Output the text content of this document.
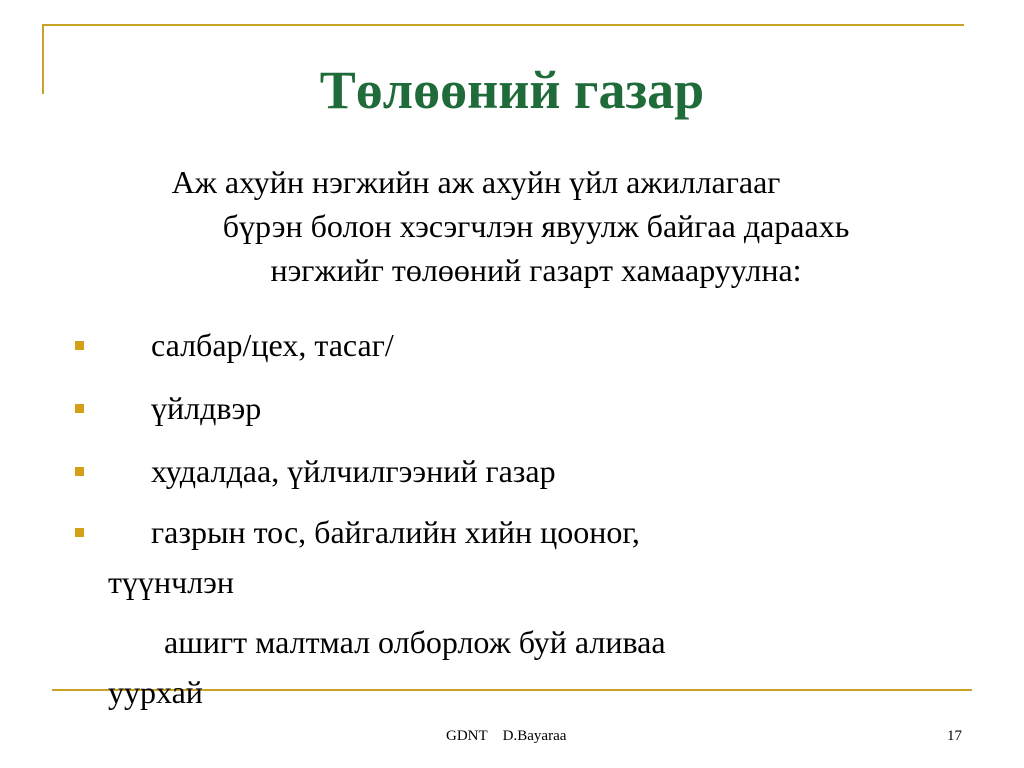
Төлөөний газар
Аж ахуйн нэгжийн аж ахуйн үйл ажиллагааг
бүрэн болон хэсэгчлэн явуулж байгаа дараахь
нэгжийг төлөөний газарт хамааруулна:
салбар/цех, тасаг/
үйлдвэр
худалдаа, үйлчилгээний газар
газрын тос, байгалийн хийн цооног,
түүнчлэн
ашигт малтмал олборлож буй аливаа
уурхай
GDNT D.Bayaraa	17
